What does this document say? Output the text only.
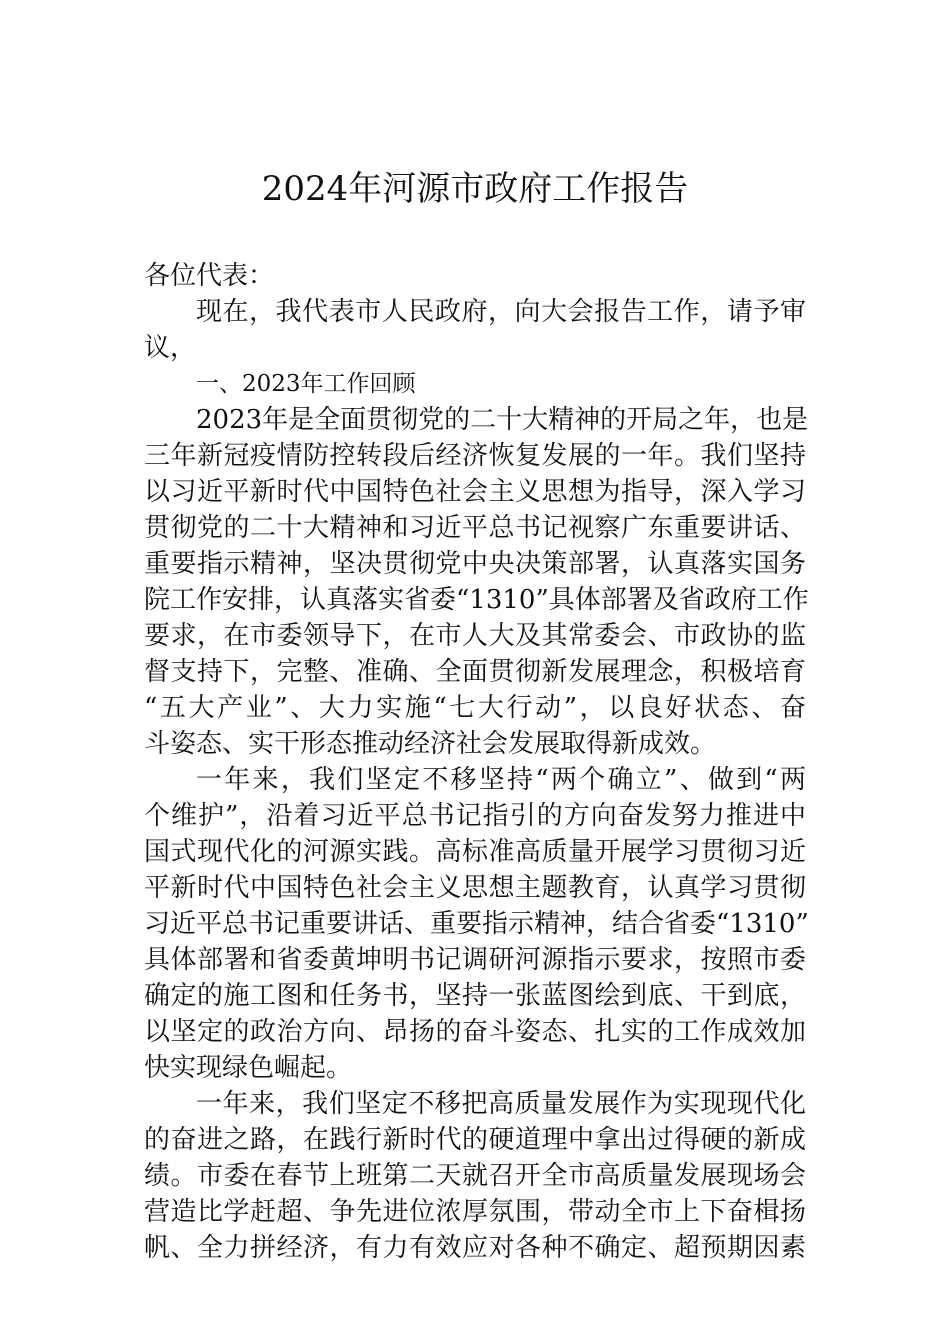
2024年河源市政府工作报告
各位代表：
现在，我代表市人民政府，向大会报告工作，请予审
议，
一、2023年工作回顾
2023年是全面贯彻党的二十大精神的开局之年，也是
三年新冠疫情防控转段后经济恢复发展的一年。我们坚持
以习近平新时代中国特色社会主义思想为指导，深入学习
贯彻党的二十大精神和习近平总书记视察广东重要讲话、
重要指示精神，坚决贯彻党中央决策部署，认真落实国务
院工作安排，认真落实省委“1310”具体部署及省政府工作
要求，在市委领导下，在市人大及其常委会、市政协的监
督支持下，完整、准确、全面贯彻新发展理念，积极培育
“五大产业”、大力实施“七大行动”，以良好状态、奋
斗姿态、实干形态推动经济社会发展取得新成效。
一年来，我们坚定不移坚持“两个确立”、做到“两
个维护”，沿着习近平总书记指引的方向奋发努力推进中
国式现代化的河源实践。高标准高质量开展学习贯彻习近
平新时代中国特色社会主义思想主题教育，认真学习贯彻
习近平总书记重要讲话、重要指示精神，结合省委“1310”
具体部署和省委黄坤明书记调研河源指示要求，按照市委
确定的施工图和任务书，坚持一张蓝图绘到底、干到底，
以坚定的政治方向、昂扬的奋斗姿态、扎实的工作成效加
快实现绿色崛起。
一年来，我们坚定不移把高质量发展作为实现现代化
的奋进之路，在践行新时代的硬道理中拿出过得硬的新成
绩。市委在春节上班第二天就召开全市高质量发展现场会
营造比学赶超、争先进位浓厚氛围，带动全市上下奋楫扬
帆、全力拼经济，有力有效应对各种不确定、超预期因素
